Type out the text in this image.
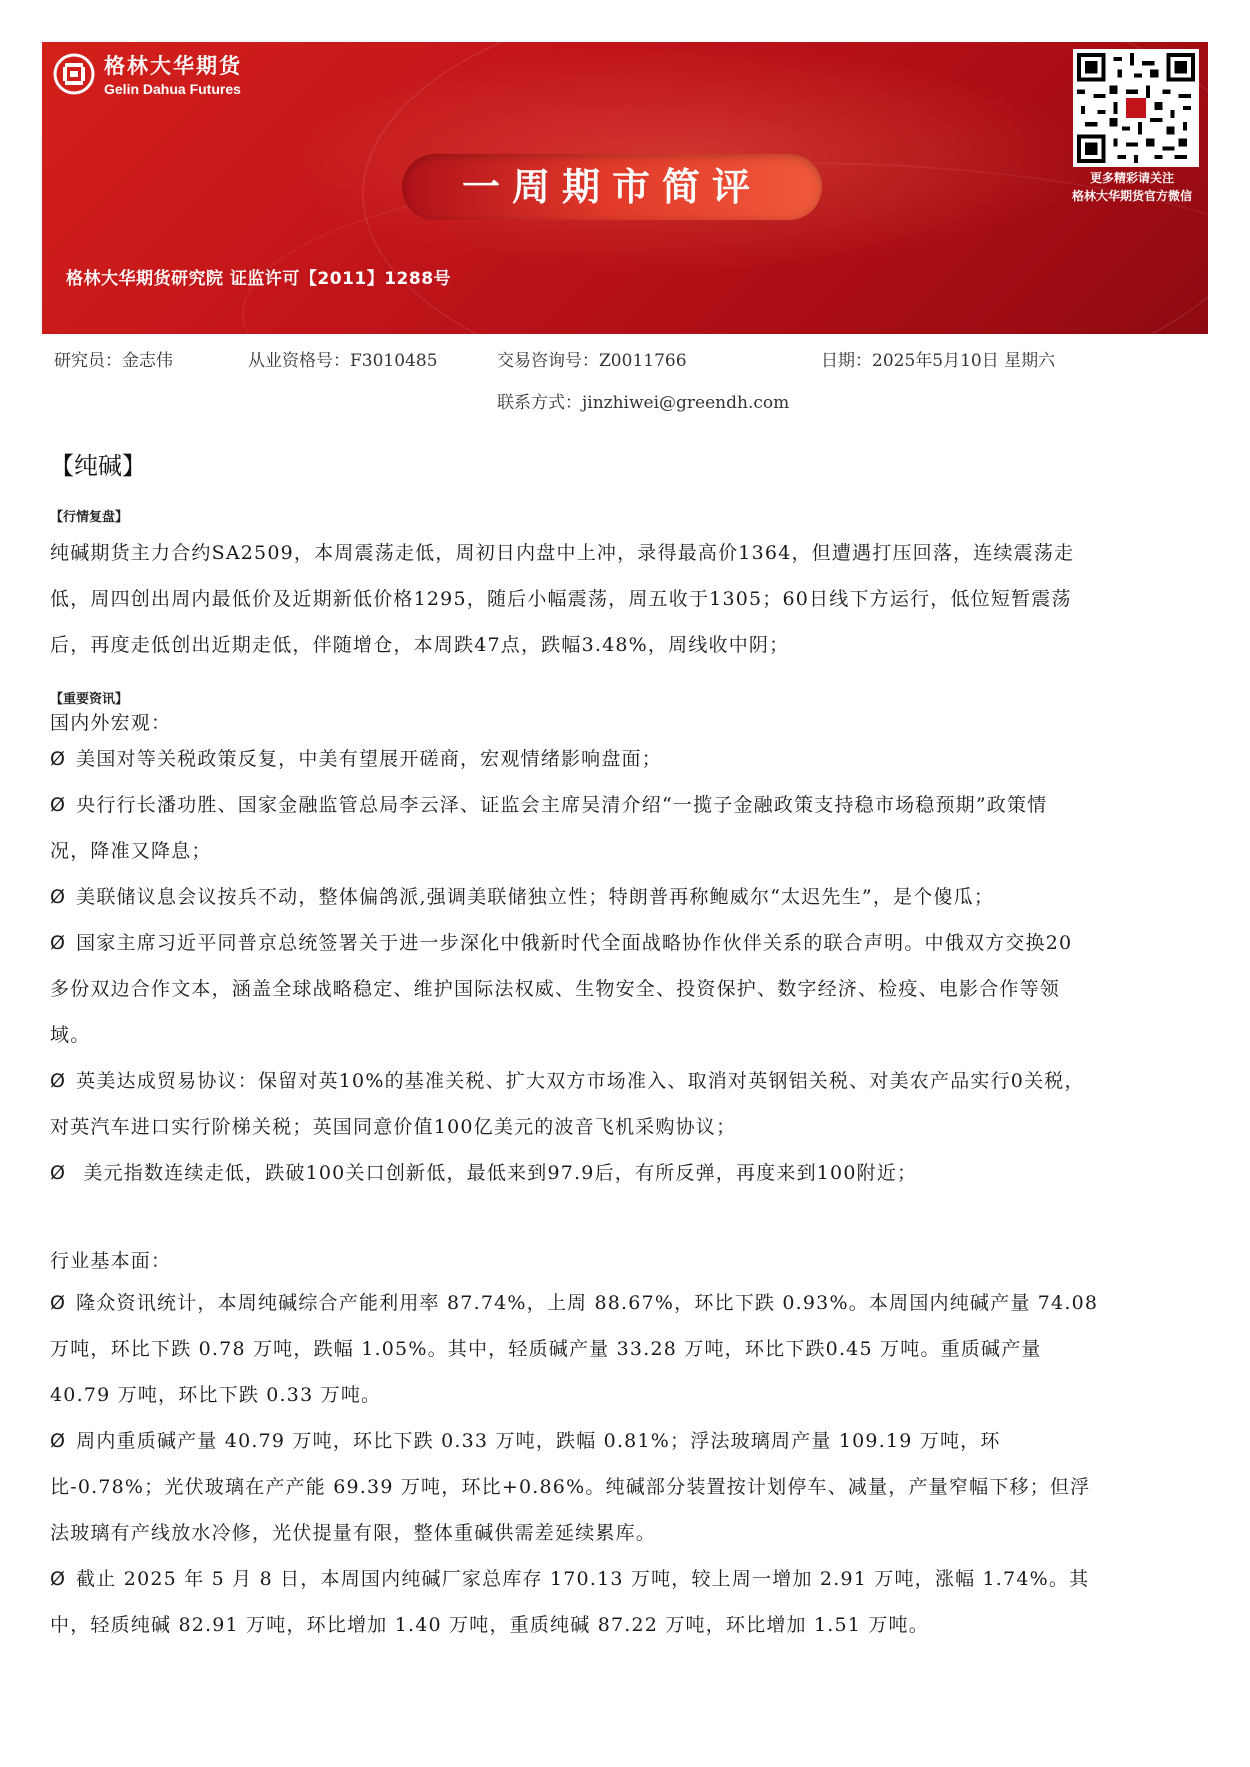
格林大华期货
Gelin Dahua Futures
一周期市简评	更多精彩请关注
格林大华期货官方微信
格林大华期货研究院 证监许可【2011】1288号
研究员：金志伟	从业资格号：F3010485	交易咨询号：Z0011766	日期：2025年5月10日 星期六
联系方式：jinzhiwei@greendh.com
【纯碱】
【行情复盘】
纯碱期货主力合约SA2509，本周震荡走低，周初日内盘中上冲，录得最高价1364，但遭遇打压回落，连续震荡走
低，周四创出周内最低价及近期新低价格1295，随后小幅震荡，周五收于1305；60日线下方运行，低位短暂震荡
后，再度走低创出近期走低，伴随增仓，本周跌47点，跌幅3.48%，周线收中阴；
【重要资讯】
国内外宏观：
Ø 美国对等关税政策反复，中美有望展开磋商，宏观情绪影响盘面；
Ø 央行行长潘功胜、国家金融监管总局李云泽、证监会主席吴清介绍“一揽子金融政策支持稳市场稳预期”政策情
况，降准又降息；
Ø 美联储议息会议按兵不动，整体偏鸽派,强调美联储独立性；特朗普再称鲍威尔“太迟先生”，是个傻瓜；
Ø 国家主席习近平同普京总统签署关于进一步深化中俄新时代全面战略协作伙伴关系的联合声明。中俄双方交换20
多份双边合作文本，涵盖全球战略稳定、维护国际法权威、生物安全、投资保护、数字经济、检疫、电影合作等领
域。
Ø 英美达成贸易协议：保留对英10%的基准关税、扩大双方市场准入、取消对英钢铝关税、对美农产品实行0关税，
对英汽车进口实行阶梯关税；英国同意价值100亿美元的波音飞机采购协议；
Ø 美元指数连续走低，跌破100关口创新低，最低来到97.9后，有所反弹，再度来到100附近；
行业基本面：
Ø 隆众资讯统计，本周纯碱综合产能利用率 87.74%，上周 88.67%，环比下跌 0.93%。本周国内纯碱产量 74.08
万吨，环比下跌 0.78 万吨，跌幅 1.05%。其中，轻质碱产量 33.28 万吨，环比下跌0.45 万吨。重质碱产量
40.79 万吨，环比下跌 0.33 万吨。
Ø 周内重质碱产量 40.79 万吨，环比下跌 0.33 万吨，跌幅 0.81%；浮法玻璃周产量 109.19 万吨，环
比-0.78%；光伏玻璃在产产能 69.39 万吨，环比+0.86%。纯碱部分装置按计划停车、减量，产量窄幅下移；但浮
法玻璃有产线放水冷修，光伏提量有限，整体重碱供需差延续累库。
Ø 截止 2025 年 5 月 8 日，本周国内纯碱厂家总库存 170.13 万吨，较上周一增加 2.91 万吨，涨幅 1.74%。其
中，轻质纯碱 82.91 万吨，环比增加 1.40 万吨，重质纯碱 87.22 万吨，环比增加 1.51 万吨。
